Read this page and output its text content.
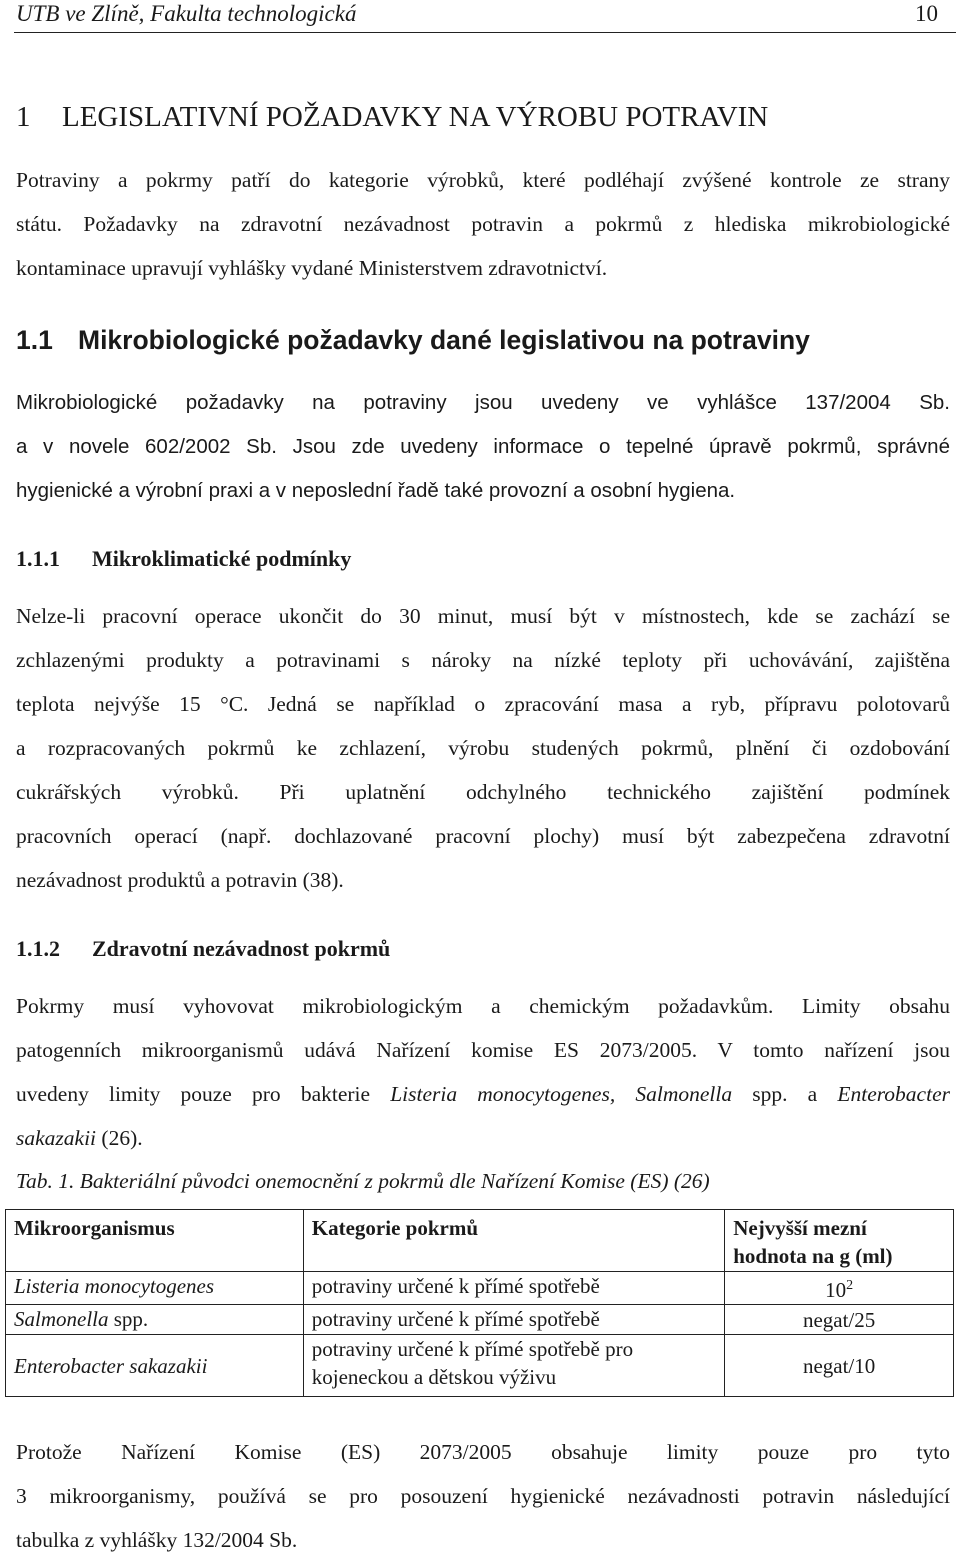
UTB ve Zlíně, Fakulta technologická	10
1 LEGISLATIVNÍ POŽADAVKY NA VÝROBU POTRAVIN
Potraviny a pokrmy patří do kategorie výrobků, které podléhají zvýšené kontrole ze strany
státu. Požadavky na zdravotní nezávadnost potravin a pokrmů z hlediska mikrobiologické
kontaminace upravují vyhlášky vydané Ministerstvem zdravotnictví.
1.1 Mikrobiologické požadavky dané legislativou na potraviny
Mikrobiologické požadavky na potraviny jsou uvedeny ve vyhlášce 137/2004 Sb.
a v novele 602/2002 Sb. Jsou zde uvedeny informace o tepelné úpravě pokrmů, správné
hygienické a výrobní praxi a v neposlední řadě také provozní a osobní hygiena.
1.1.1 Mikroklimatické podmínky
Nelze-li pracovní operace ukončit do 30 minut, musí být v místnostech, kde se zachází se
zchlazenými produkty a potravinami s nároky na nízké teploty při uchovávání, zajištěna
teplota nejvýše 15 °C. Jedná se například o zpracování masa a ryb, přípravu polotovarů
a rozpracovaných pokrmů ke zchlazení, výrobu studených pokrmů, plnění či ozdobování
cukrářských výrobků. Při uplatnění odchylného technického zajištění podmínek
pracovních operací (např. dochlazované pracovní plochy) musí být zabezpečena zdravotní
nezávadnost produktů a potravin (38).
1.1.2 Zdravotní nezávadnost pokrmů
Pokrmy musí vyhovovat mikrobiologickým a chemickým požadavkům. Limity obsahu
patogenních mikroorganismů udává Nařízení komise ES 2073/2005. V tomto nařízení jsou
uvedeny limity pouze pro bakterie Listeria monocytogenes, Salmonella spp. a Enterobacter
sakazakii (26).
Tab. 1. Bakteriální původci onemocnění z pokrmů dle Nařízení Komise (ES) (26)
Mikroorganismus	Kategorie pokrmů	Nejvyšší mezní
hodnota na g (ml)
Listeria monocytogenes	potraviny určené k přímé spotřebě	$10^2$
Salmonella spp.	potraviny určené k přímé spotřebě	negat/25
Enterobacter sakazakii	potraviny určené k přímé spotřebě pro
kojeneckou a dětskou výživu	negat/10
Protože Nařízení Komise (ES) 2073/2005 obsahuje limity pouze pro tyto
3 mikroorganismy, používá se pro posouzení hygienické nezávadnosti potravin následující
tabulka z vyhlášky 132/2004 Sb.
